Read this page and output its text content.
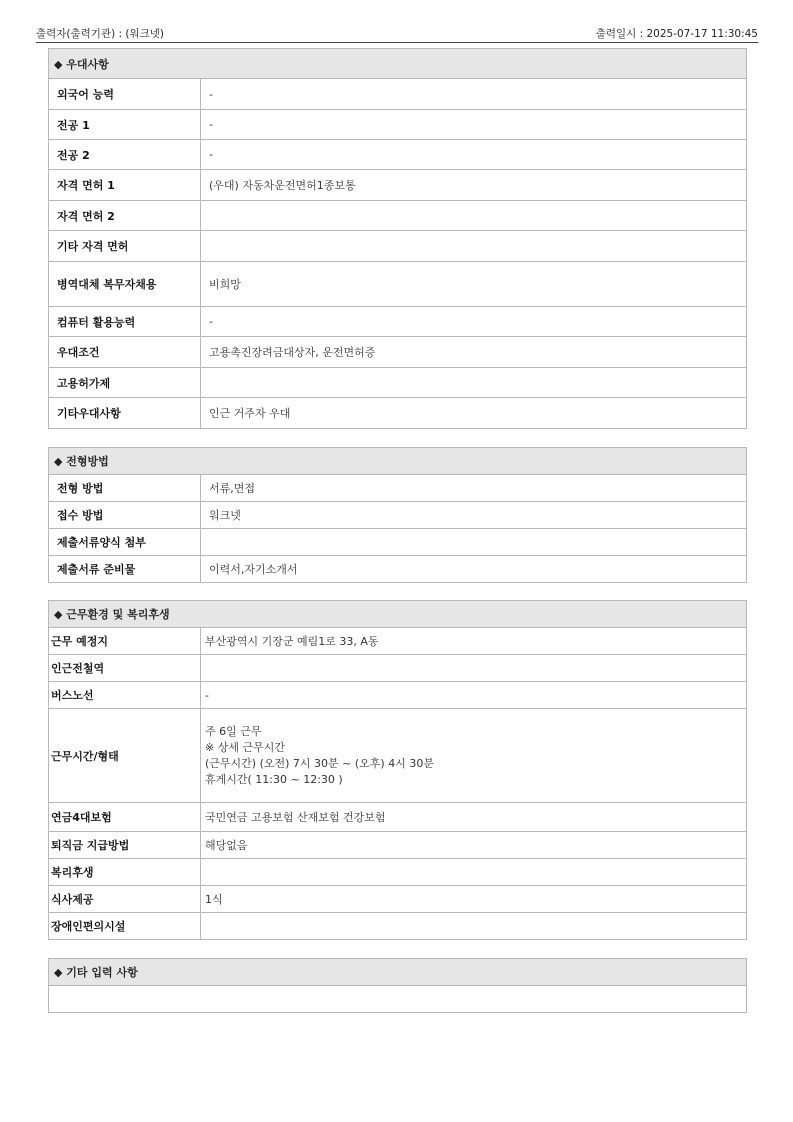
출력자(출력기관) : (워크넷)	출력일시 : 2025-07-17 11:30:45
◆ 우대사항	
외국어 능력	-
전공 1	-
전공 2	-
자격 면허 1	(우대) 자동차운전면허1종보통
자격 면허 2	
기타 자격 면허	
병역대체 복무자채용	비희망
컴퓨터 활용능력	-
우대조건	고용촉진장려금대상자, 운전면허증
고용허가제	
기타우대사항	인근 거주자 우대
◆ 전형방법	
전형 방법	서류,면접
접수 방법	워크넷
제출서류양식 첨부	
제출서류 준비물	이력서,자기소개서
◆ 근무환경 및 복리후생	
근무 예정지	부산광역시 기장군 예림1로 33, A동
인근전철역	
버스노선	-
근무시간/형태	주 6일 근무
※ 상세 근무시간
(근무시간) (오전) 7시 30분 ~ (오후) 4시 30분
휴게시간( 11:30 ~ 12:30 )

연금4대보험	국민연금 고용보험 산재보험 건강보험
퇴직금 지급방법	해당없음
복리후생	
식사제공	1식
장애인편의시설	
◆ 기타 입력 사항
